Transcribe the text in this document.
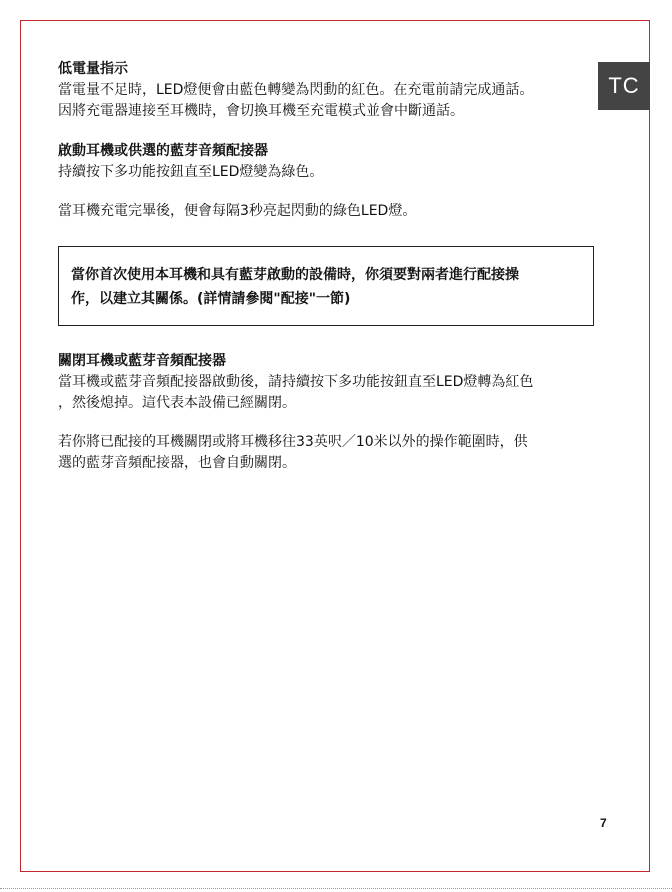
TC
低電量指示
當電量不足時，LED燈便會由藍色轉變為閃動的紅色。在充電前請完成通話。
因將充電器連接至耳機時，會切換耳機至充電模式並會中斷通話。
啟動耳機或供選的藍芽音頻配接器
持續按下多功能按鈕直至LED燈變為綠色。
當耳機充電完畢後，便會每隔3秒亮起閃動的綠色LED燈。
當你首次使用本耳機和具有藍芽啟動的設備時，你須要對兩者進行配接操
作，以建立其關係。(詳情請參閱"配接"一節)
關閉耳機或藍芽音頻配接器
當耳機或藍芽音頻配接器啟動後，請持續按下多功能按鈕直至LED燈轉為紅色
，然後熄掉。這代表本設備已經關閉。
若你將已配接的耳機關閉或將耳機移往33英呎／10米以外的操作範圍時，供
選的藍芽音頻配接器，也會自動關閉。
7
